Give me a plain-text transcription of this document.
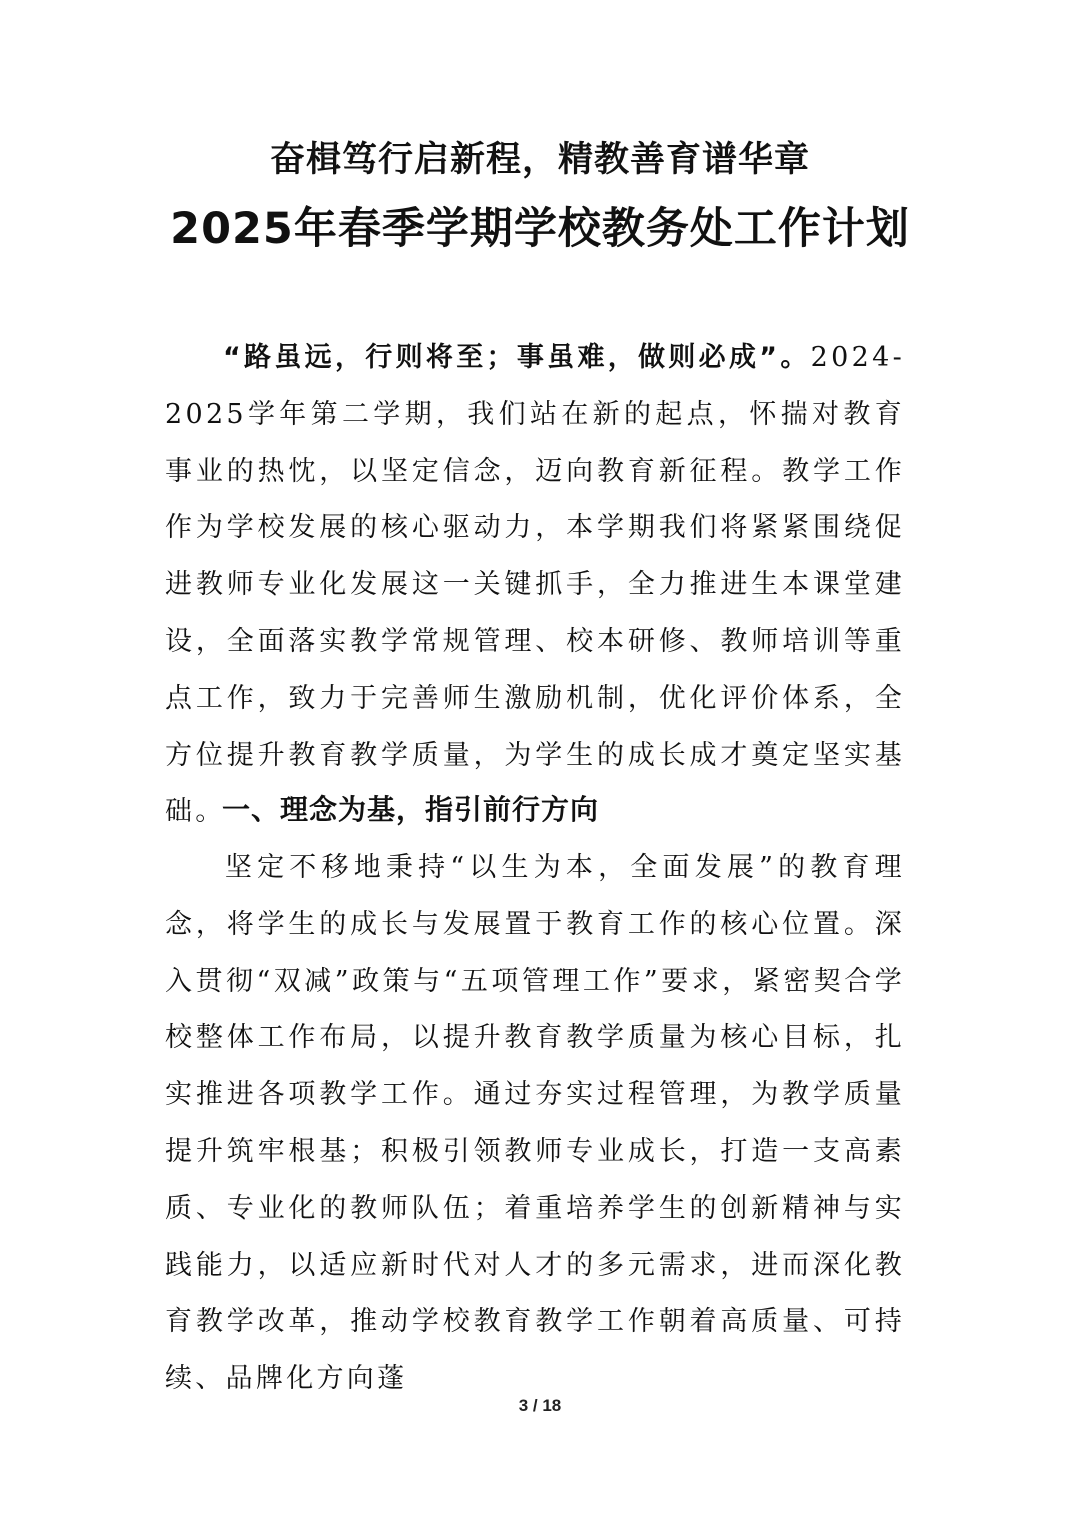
奋楫笃行启新程，精教善育谱华章
2025年春季学期学校教务处工作计划

“路虽远，行则将至；事虽难，做则必成”。2024-2025学年第二学期，我们站在新的起点，怀揣对教育事业的热忱，以坚定信念，迈向教育新征程。教学工作作为学校发展的核心驱动力，本学期我们将紧紧围绕促进教师专业化发展这一关键抓手，全力推进生本课堂建设，全面落实教学常规管理、校本研修、教师培训等重点工作，致力于完善师生激励机制，优化评价体系，全方位提升教育教学质量，为学生的成长成才奠定坚实基础。

一、理念为基，指引前行方向

坚定不移地秉持“以生为本，全面发展”的教育理念，将学生的成长与发展置于教育工作的核心位置。深入贯彻“双减”政策与“五项管理工作”要求，紧密契合学校整体工作布局，以提升教育教学质量为核心目标，扎实推进各项教学工作。通过夯实过程管理，为教学质量提升筑牢根基；积极引领教师专业成长，打造一支高素质、专业化的教师队伍；着重培养学生的创新精神与实践能力，以适应新时代对人才的多元需求，进而深化教育教学改革，推动学校教育教学工作朝着高质量、可持续、品牌化方向蓬

3 / 18
